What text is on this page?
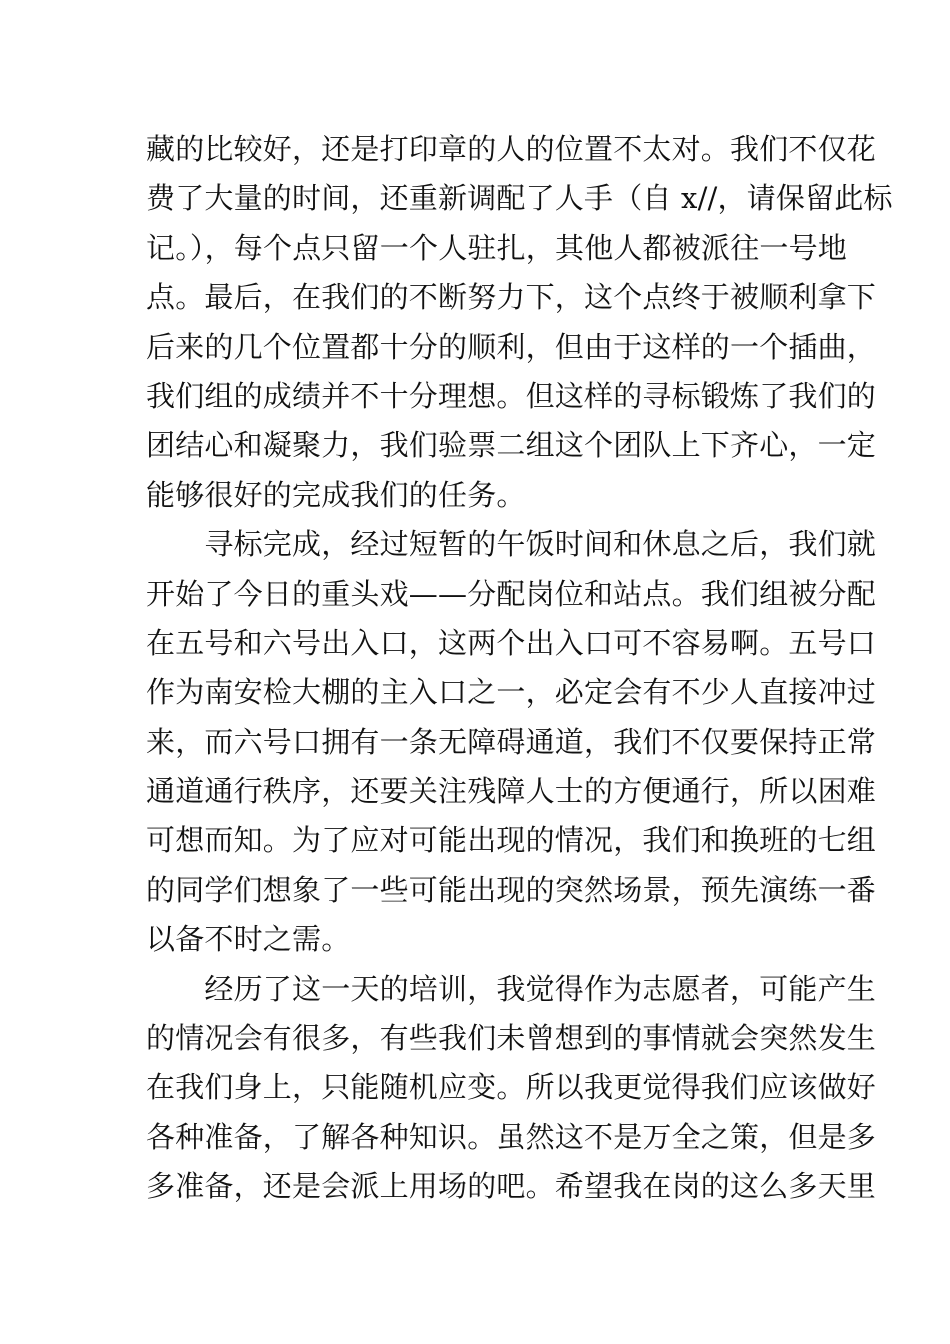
藏的比较好，还是打印章的人的位置不太对。我们不仅花
费了大量的时间，还重新调配了人手（自 x//，请保留此标
记。），每个点只留一个人驻扎，其他人都被派往一号地
点。最后，在我们的不断努力下，这个点终于被顺利拿下
后来的几个位置都十分的顺利，但由于这样的一个插曲，
我们组的成绩并不十分理想。但这样的寻标锻炼了我们的
团结心和凝聚力，我们验票二组这个团队上下齐心，一定
能够很好的完成我们的任务。
　　寻标完成，经过短暂的午饭时间和休息之后，我们就
开始了今日的重头戏——分配岗位和站点。我们组被分配
在五号和六号出入口，这两个出入口可不容易啊。五号口
作为南安检大棚的主入口之一，必定会有不少人直接冲过
来，而六号口拥有一条无障碍通道，我们不仅要保持正常
通道通行秩序，还要关注残障人士的方便通行，所以困难
可想而知。为了应对可能出现的情况，我们和换班的七组
的同学们想象了一些可能出现的突然场景，预先演练一番
以备不时之需。
　　经历了这一天的培训，我觉得作为志愿者，可能产生
的情况会有很多，有些我们未曾想到的事情就会突然发生
在我们身上，只能随机应变。所以我更觉得我们应该做好
各种准备，了解各种知识。虽然这不是万全之策，但是多
多准备，还是会派上用场的吧。希望我在岗的这么多天里
